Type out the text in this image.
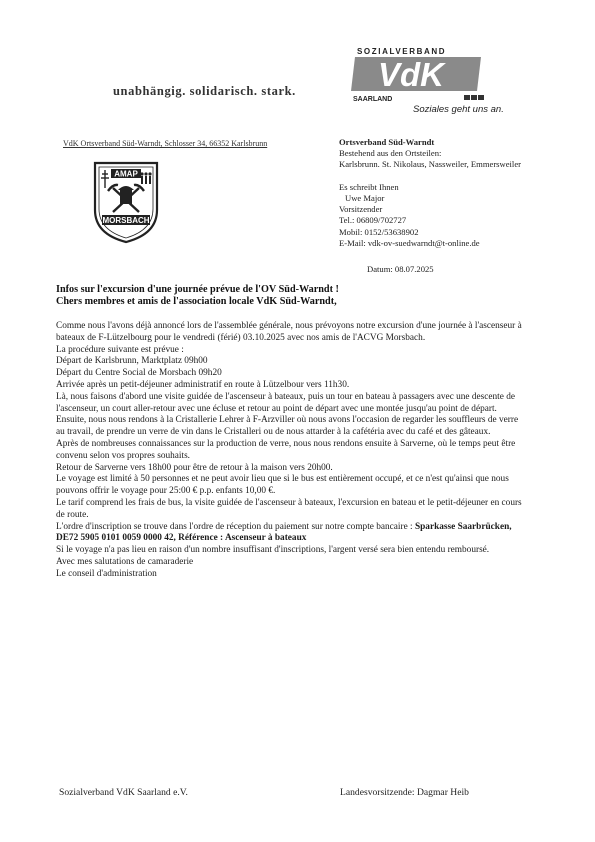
unabhängig. solidarisch. stark.
SOZIALVERBAND
VdK
SAARLAND
Soziales geht uns an.
VdK Ortsverband Süd-Warndt, Schlosser 34, 66352 Karlsbrunn
AMAP
MORSBACH
Ortsverband Süd-Warndt
Bestehend aus den Ortsteilen:
Karlsbrunn. St. Nikolaus, Nassweiler, Emmersweiler
Es schreibt Ihnen
Uwe Major
Vorsitzender
Tel.: 06809/702727
Mobil: 0152/53638902
E-Mail: vdk-ov-suedwarndt@t-online.de
Datum: 08.07.2025
Infos sur l'excursion d'une journée prévue de l'OV Süd-Warndt !
Chers membres et amis de l'association locale VdK Süd-Warndt,

Comme nous l'avons déjà annoncé lors de l'assemblée générale, nous prévoyons notre excursion d'une journée à l'ascenseur à bateaux de F-Lützelbourg pour le vendredi (férié) 03.10.2025 avec nos amis de l'ACVG Morsbach.

La procédure suivante est prévue :

Départ de Karlsbrunn, Marktplatz 09h00

Départ du Centre Social de Morsbach 09h20

Arrivée après un petit-déjeuner administratif en route à Lützelbour vers 11h30.

Là, nous faisons d'abord une visite guidée de l'ascenseur à bateaux, puis un tour en bateau à passagers avec une descente de l'ascenseur, un court aller-retour avec une écluse et retour au point de départ avec une montée jusqu'au point de départ.

Ensuite, nous nous rendons à la Cristallerie Lehrer à F-Arzviller où nous avons l'occasion de regarder les souffleurs de verre au travail, de prendre un verre de vin dans le Cristalleri ou de nous attarder à la cafétéria avec du café et des gâteaux.

Après de nombreuses connaissances sur la production de verre, nous nous rendons ensuite à Sarverne, où le temps peut être convenu selon vos propres souhaits.

Retour de Sarverne vers 18h00 pour être de retour à la maison vers 20h00.

Le voyage est limité à 50 personnes et ne peut avoir lieu que si le bus est entièrement occupé, et ce n'est qu'ainsi que nous pouvons offrir le voyage pour 25:00 € p.p. enfants 10,00 €.

Le tarif comprend les frais de bus, la visite guidée de l'ascenseur à bateaux, l'excursion en bateau et le petit-déjeuner en cours de route.

L'ordre d'inscription se trouve dans l'ordre de réception du paiement sur notre compte bancaire : Sparkasse Saarbrücken, DE72 5905 0101 0059 0000 42, Référence : Ascenseur à bateaux

Si le voyage n'a pas lieu en raison d'un nombre insuffisant d'inscriptions, l'argent versé sera bien entendu remboursé.

Avec mes salutations de camaraderie

Le conseil d'administration

Sozialverband VdK Saarland e.V.	Landesvorsitzende: Dagmar Heib
